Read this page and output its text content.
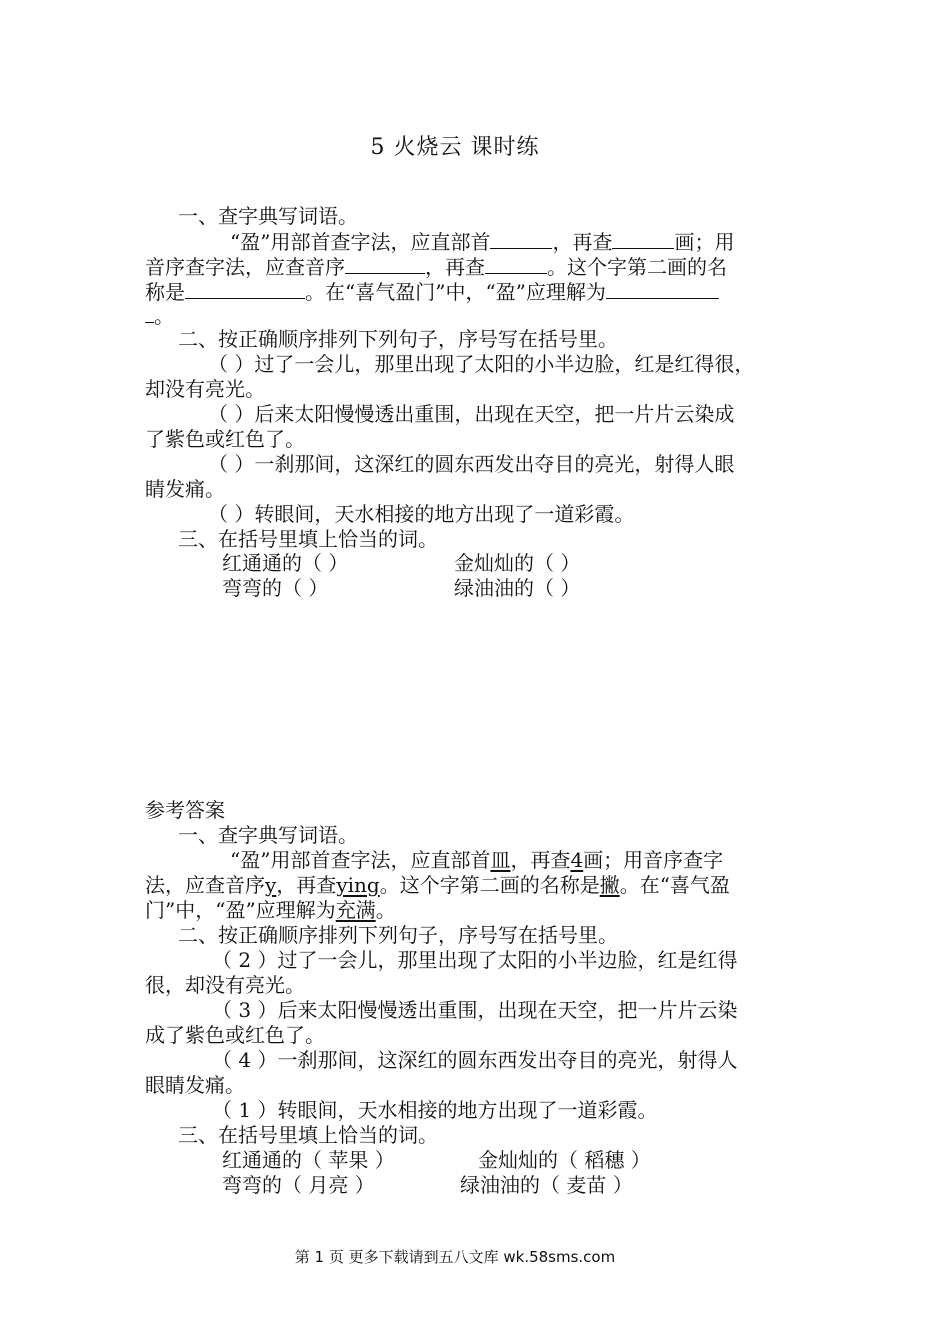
5 火烧云 课时练
一、查字典写词语。
“盈”用部首查字法，应直部首	，再查	画；用
音序查字法，应查音序	，再查	。这个字第二画的名
称是	。在“喜气盈门”中，“盈”应理解为
。
二、按正确顺序排列下列句子，序号写在括号里。
（ ）过了一会儿，那里出现了太阳的小半边脸，红是红得很，
却没有亮光。
（ ）后来太阳慢慢透出重围，出现在天空，把一片片云染成
了紫色或红色了。
（ ）一刹那间，这深红的圆东西发出夺目的亮光，射得人眼
睛发痛。
（ ）转眼间，天水相接的地方出现了一道彩霞。
三、在括号里填上恰当的词。
红通通的（ ）	金灿灿的（ ）
弯弯的（ ）	绿油油的（ ）
参考答案
一、查字典写词语。
“盈”用部首查字法，应直部首皿，再查4画；用音序查字
法，应查音序y，再查ying。这个字第二画的名称是撇。在“喜气盈
门”中，“盈”应理解为充满。
二、按正确顺序排列下列句子，序号写在括号里。
（ 2 ）过了一会儿，那里出现了太阳的小半边脸，红是红得
很，却没有亮光。
（ 3 ）后来太阳慢慢透出重围，出现在天空，把一片片云染
成了紫色或红色了。
（ 4 ）一刹那间，这深红的圆东西发出夺目的亮光，射得人
眼睛发痛。
（ 1 ）转眼间，天水相接的地方出现了一道彩霞。
三、在括号里填上恰当的词。
红通通的（ 苹果 ）	金灿灿的（ 稻穗 ）
弯弯的（ 月亮 ）	绿油油的（ 麦苗 ）
第 1 页 更多下载请到五八文库 wk.58sms.com
